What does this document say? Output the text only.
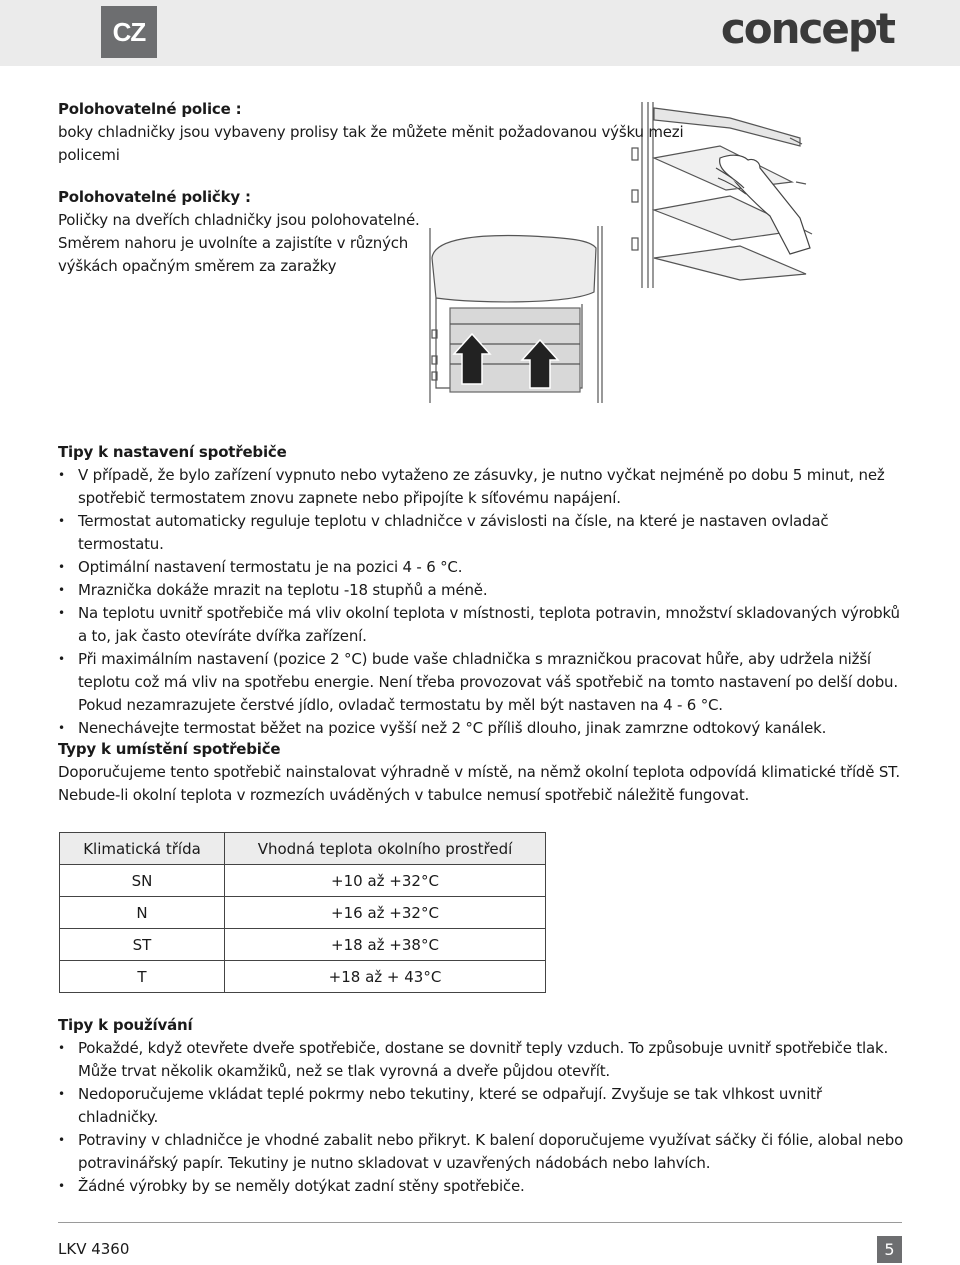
CZ	concept

Polohovatelné police :

boky chladničky jsou vybaveny prolisy tak že můžete měnit požadovanou výšku mezi policemi

Polohovatelné poličky :

Poličky na dveřích chladničky jsou polohovatelné.

Směrem nahoru je uvolníte a zajistíte v různých

výškách opačným směrem za zaražky

Tipy k nastavení spotřebiče

• V případě, že bylo zařízení vypnuto nebo vytaženo ze zásuvky, je nutno vyčkat nejméně po dobu 5 minut, než spotřebič termostatem znovu zapnete nebo připojíte k síťovému napájení.
• Termostat automaticky reguluje teplotu v chladničce v závislosti na čísle, na které je nastaven ovladač termostatu.
• Optimální nastavení termostatu je na pozici 4 - 6 °C.
• Mraznička dokáže mrazit na teplotu -18 stupňů a méně.
• Na teplotu uvnitř spotřebiče má vliv okolní teplota v místnosti, teplota potravin, množství skladovaných výrobků a to, jak často otevíráte dvířka zařízení.
• Při maximálním nastavení (pozice 2 °C) bude vaše chladnička s mrazničkou pracovat hůře, aby udržela nižší teplotu což má vliv na spotřebu energie. Není třeba provozovat váš spotřebič na tomto nastavení po delší dobu. Pokud nezamrazujete čerstvé jídlo, ovladač termostatu by měl být nastaven na 4 - 6 °C.
• Nenechávejte termostat běžet na pozice vyšší než 2 °C příliš dlouho, jinak zamrzne odtokový kanálek.

Typy k umístění spotřebiče

Doporučujeme tento spotřebič nainstalovat výhradně v místě, na němž okolní teplota odpovídá klimatické třídě ST.

Nebude-li okolní teplota v rozmezích uváděných v tabulce nemusí spotřebič náležitě fungovat.

Klimatická třída	Vhodná teplota okolního prostředí
SN	+10 až +32°C
N	+16 až +32°C
ST	+18 až +38°C
T	+18 až + 43°C

Tipy k používání

• Pokaždé, když otevřete dveře spotřebiče, dostane se dovnitř teply vzduch. To způsobuje uvnitř spotřebiče tlak. Může trvat několik okamžiků, než se tlak vyrovná a dveře půjdou otevřít.
• Nedoporučujeme vkládat teplé pokrmy nebo tekutiny, které se odpařují. Zvyšuje se tak vlhkost uvnitř chladničky.
• Potraviny v chladničce je vhodné zabalit nebo přikryt. K balení doporučujeme využívat sáčky či fólie, alobal nebo potravinářský papír. Tekutiny je nutno skladovat v uzavřených nádobách nebo lahvích.
• Žádné výrobky by se neměly dotýkat zadní stěny spotřebiče.
LKV 4360	5
